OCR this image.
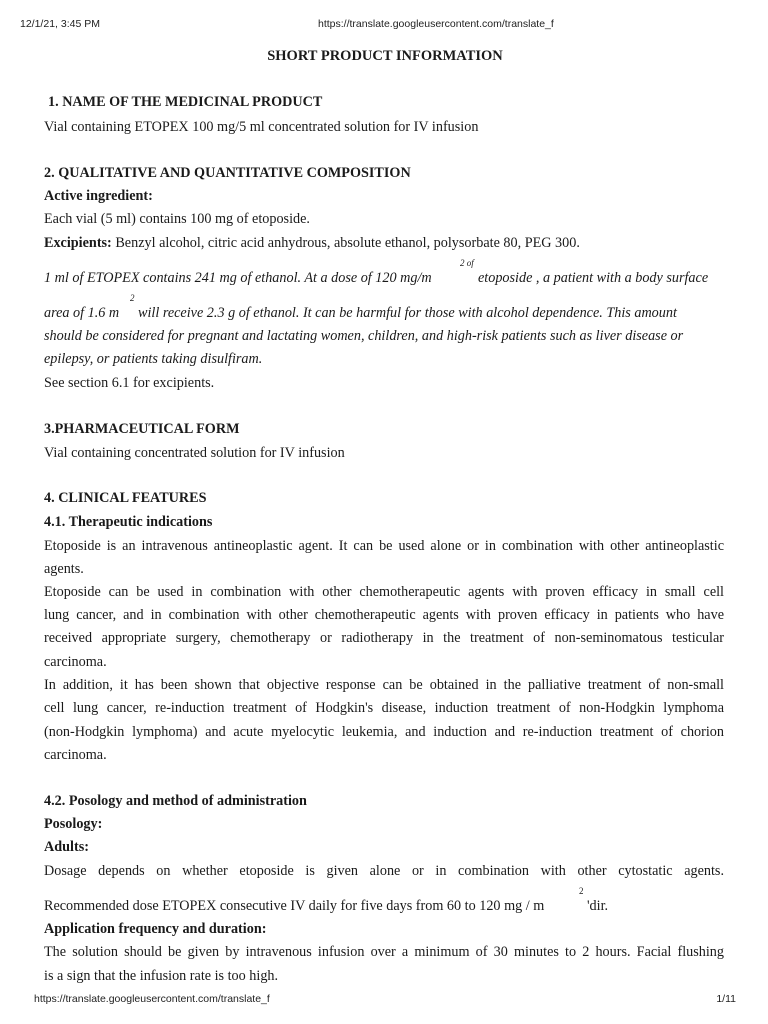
12/1/21, 3:45 PM	https://translate.googleusercontent.com/translate_f
SHORT PRODUCT INFORMATION
1. NAME OF THE MEDICINAL PRODUCT
Vial containing ETOPEX 100 mg/5 ml concentrated solution for IV infusion
2. QUALITATIVE AND QUANTITATIVE COMPOSITION
Active ingredient:
Each vial (5 ml) contains 100 mg of etoposide.
Excipients: Benzyl alcohol, citric acid anhydrous, absolute ethanol, polysorbate 80, PEG 300.
1 ml of ETOPEX contains 241 mg of ethanol. At a dose of 120 mg/m
2 of
etoposide , a patient with a body surface
area of 1.6 m
2
will receive 2.3 g of ethanol. It can be harmful for those with alcohol dependence. This amount
should be considered for pregnant and lactating women, children, and high-risk patients such as liver disease or
epilepsy, or patients taking disulfiram.
See section 6.1 for excipients.
3.PHARMACEUTICAL FORM
Vial containing concentrated solution for IV infusion
4. CLINICAL FEATURES
4.1. Therapeutic indications
Etoposide is an intravenous antineoplastic agent. It can be used alone or in combination with other antineoplastic
agents.
Etoposide can be used in combination with other chemotherapeutic agents with proven efficacy in small cell
lung cancer, and in combination with other chemotherapeutic agents with proven efficacy in patients who have
received appropriate surgery, chemotherapy or radiotherapy in the treatment of non-seminomatous testicular
carcinoma.
In addition, it has been shown that objective response can be obtained in the palliative treatment of non-small
cell lung cancer, re-induction treatment of Hodgkin's disease, induction treatment of non-Hodgkin lymphoma
(non-Hodgkin lymphoma) and acute myelocytic leukemia, and induction and re-induction treatment of chorion
carcinoma.
4.2. Posology and method of administration
Posology:
Adults:
Dosage depends on whether etoposide is given alone or in combination with other cytostatic agents.
Recommended dose ETOPEX consecutive IV daily for five days from 60 to 120 mg / m
2
'dir.
Application frequency and duration:
The solution should be given by intravenous infusion over a minimum of 30 minutes to 2 hours. Facial flushing
is a sign that the infusion rate is too high.
https://translate.googleusercontent.com/translate_f	1/11
